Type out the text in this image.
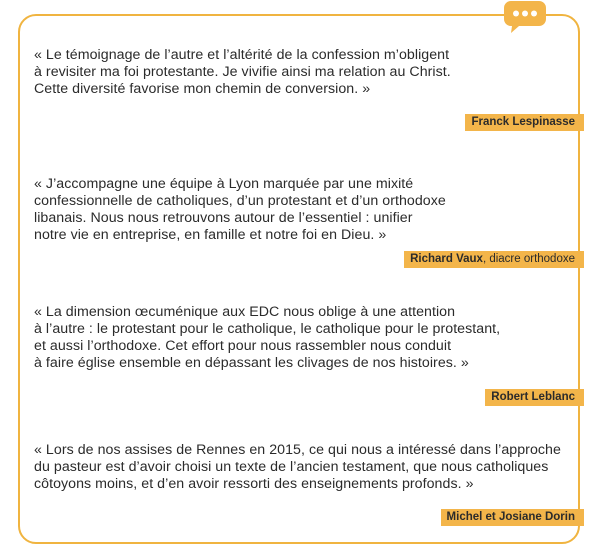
« Le témoignage de l’autre et l’altérité de la confession m’obligent
à revisiter ma foi protestante. Je vivifie ainsi ma relation au Christ.
Cette diversité favorise mon chemin de conversion. »

Franck Lespinasse

« J’accompagne une équipe à Lyon marquée par une mixité
confessionnelle de catholiques, d’un protestant et d’un orthodoxe
libanais. Nous nous retrouvons autour de l’essentiel : unifier
notre vie en entreprise, en famille et notre foi en Dieu. »

Richard Vaux, diacre orthodoxe

« La dimension œcuménique aux EDC nous oblige à une attention
à l’autre : le protestant pour le catholique, le catholique pour le protestant,
et aussi l’orthodoxe. Cet effort pour nous rassembler nous conduit
à faire église ensemble en dépassant les clivages de nos histoires. »

Robert Leblanc

« Lors de nos assises de Rennes en 2015, ce qui nous a intéressé dans l’approche
du pasteur est d’avoir choisi un texte de l’ancien testament, que nous catholiques
côtoyons moins, et d’en avoir ressorti des enseignements profonds. »

Michel et Josiane Dorin
